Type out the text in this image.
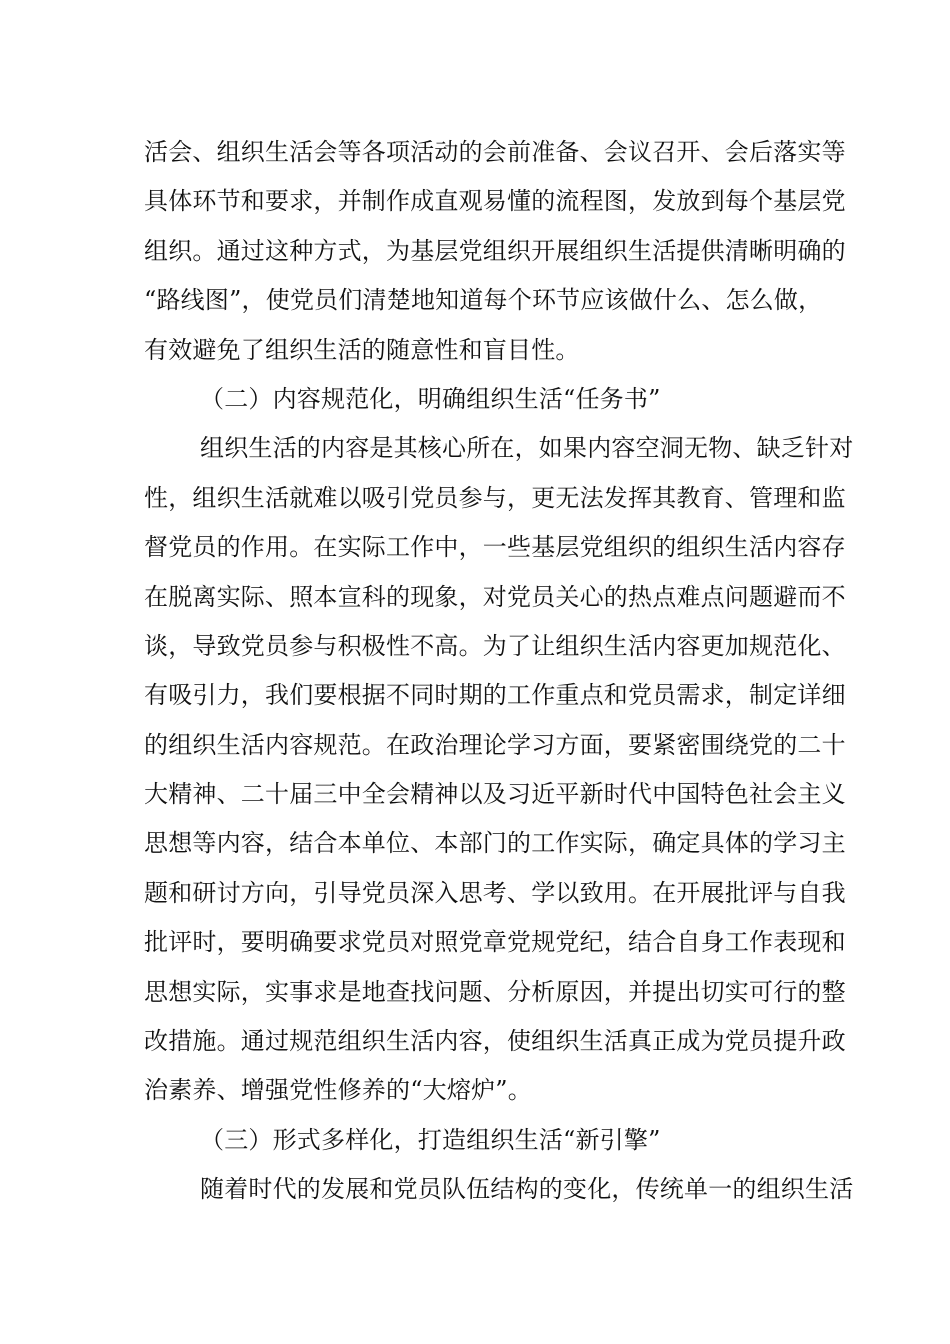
活会、组织生活会等各项活动的会前准备、会议召开、会后落实等
具体环节和要求，并制作成直观易懂的流程图，发放到每个基层党
组织。通过这种方式，为基层党组织开展组织生活提供清晰明确的
“路线图”，使党员们清楚地知道每个环节应该做什么、怎么做，
有效避免了组织生活的随意性和盲目性。
（二）内容规范化，明确组织生活“任务书”
组织生活的内容是其核心所在，如果内容空洞无物、缺乏针对
性，组织生活就难以吸引党员参与，更无法发挥其教育、管理和监
督党员的作用。在实际工作中，一些基层党组织的组织生活内容存
在脱离实际、照本宣科的现象，对党员关心的热点难点问题避而不
谈，导致党员参与积极性不高。为了让组织生活内容更加规范化、
有吸引力，我们要根据不同时期的工作重点和党员需求，制定详细
的组织生活内容规范。在政治理论学习方面，要紧密围绕党的二十
大精神、二十届三中全会精神以及习近平新时代中国特色社会主义
思想等内容，结合本单位、本部门的工作实际，确定具体的学习主
题和研讨方向，引导党员深入思考、学以致用。在开展批评与自我
批评时，要明确要求党员对照党章党规党纪，结合自身工作表现和
思想实际，实事求是地查找问题、分析原因，并提出切实可行的整
改措施。通过规范组织生活内容，使组织生活真正成为党员提升政
治素养、增强党性修养的“大熔炉”。
（三）形式多样化，打造组织生活“新引擎”
随着时代的发展和党员队伍结构的变化，传统单一的组织生活
